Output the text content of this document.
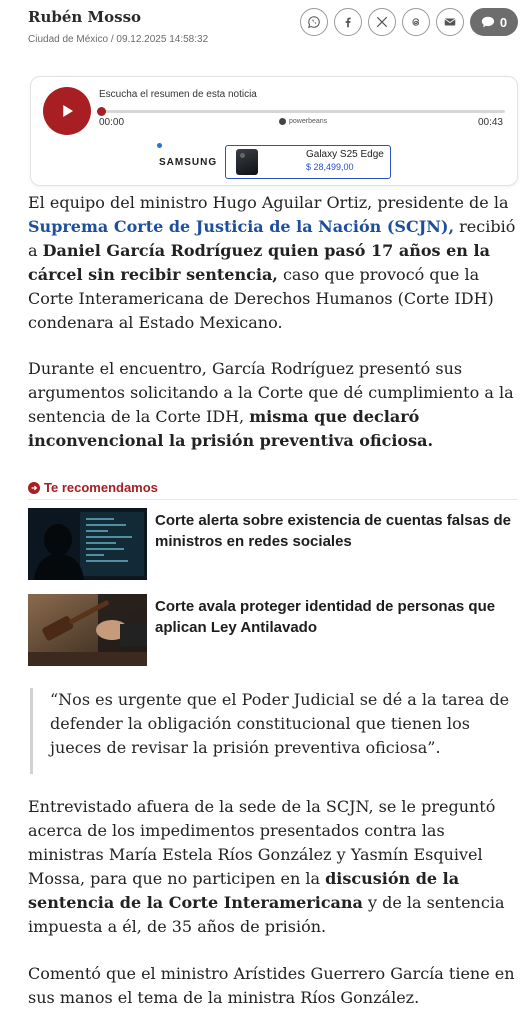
Rubén Mosso
Ciudad de México / 09.12.2025 14:58:32
0
Escucha el resumen de esta noticia
00:00	powerbeans	00:43
SAMSUNG
Galaxy S25 Edge
$ 28,499,00
El equipo del ministro Hugo Aguilar Ortiz, presidente de la Suprema Corte de Justicia de la Nación (SCJN), recibió a Daniel García Rodríguez quien pasó 17 años en la cárcel sin recibir sentencia, caso que provocó que la Corte Interamericana de Derechos Humanos (Corte IDH) condenara al Estado Mexicano.
Durante el encuentro, García Rodríguez presentó sus argumentos solicitando a la Corte que dé cumplimiento a la sentencia de la Corte IDH, misma que declaró inconvencional la prisión preventiva oficiosa.
Te recomendamos
Corte alerta sobre existencia de cuentas falsas de ministros en redes sociales
Corte avala proteger identidad de personas que aplican Ley Antilavado
“Nos es urgente que el Poder Judicial se dé a la tarea de defender la obligación constitucional que tienen los jueces de revisar la prisión preventiva oficiosa”.
Entrevistado afuera de la sede de la SCJN, se le preguntó acerca de los impedimentos presentados contra las ministras María Estela Ríos González y Yasmín Esquivel Mossa, para que no participen en la discusión de la sentencia de la Corte Interamericana y de la sentencia impuesta a él, de 35 años de prisión.
Comentó que el ministro Arístides Guerrero García tiene en sus manos el tema de la ministra Ríos González.
